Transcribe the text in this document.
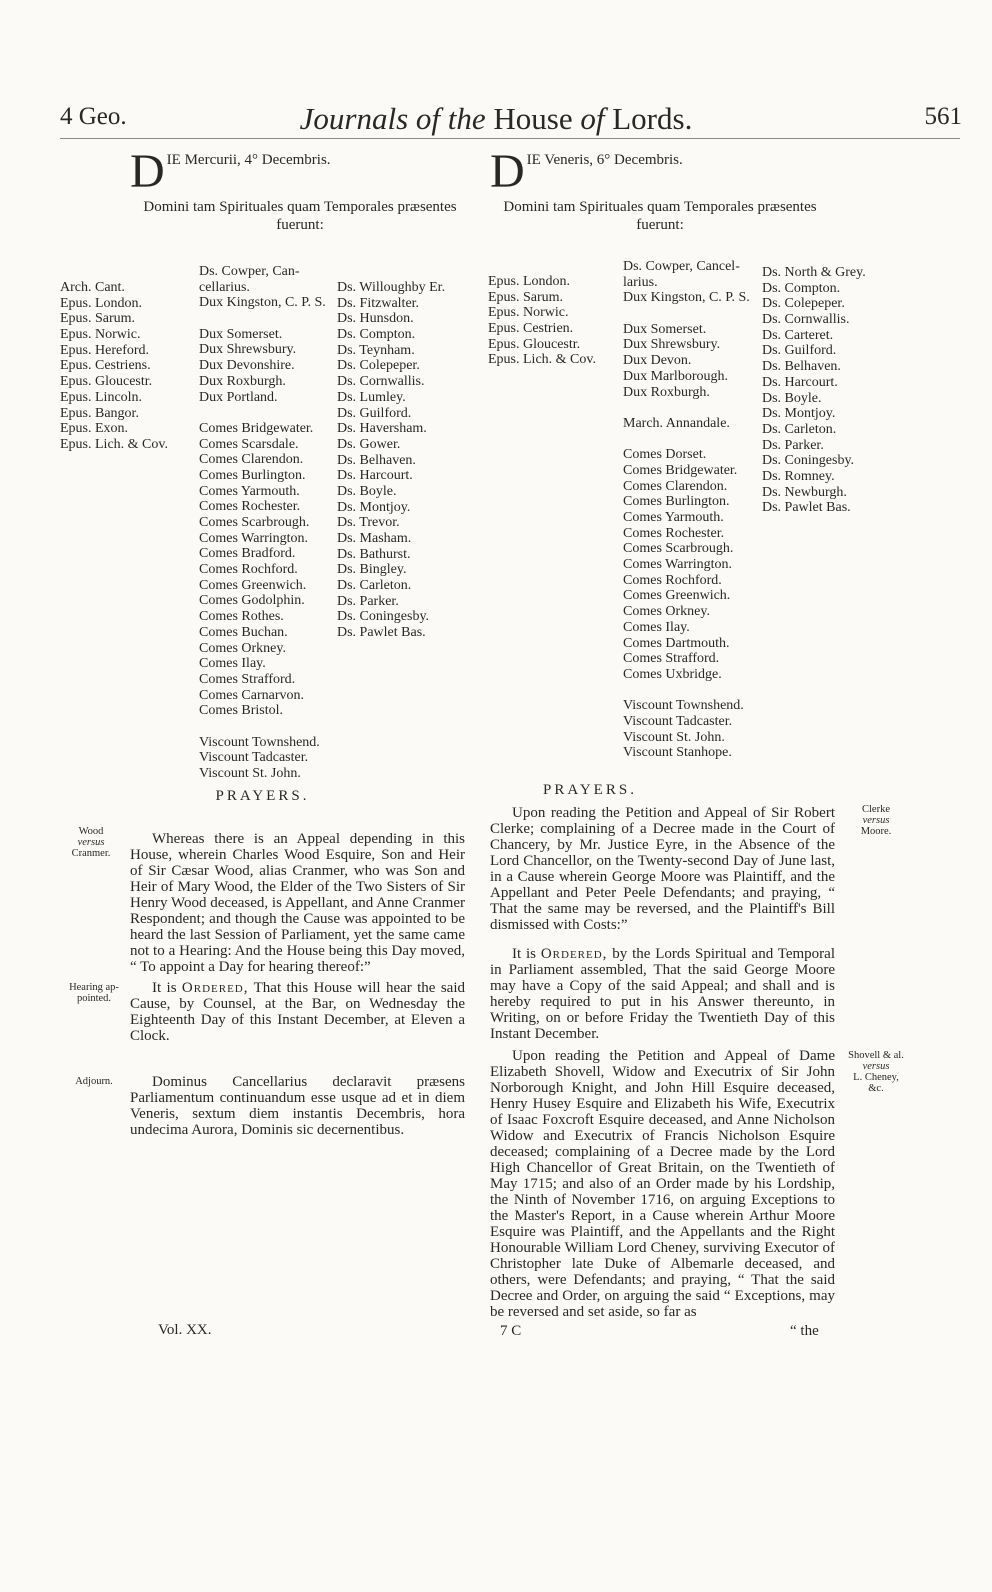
4 Geo.	Journals of the House of Lords.	561
D IE Mercurii, 4° Decembris.
Domini tam Spirituales quam Temporales præsentes fuerunt:
Arch. Cant.
Epus. London.
Epus. Sarum.
Epus. Norwic.
Epus. Hereford.
Epus. Cestriens.
Epus. Gloucestr.
Epus. Lincoln.
Epus. Bangor.
Epus. Exon.
Epus. Lich. & Cov.
Ds. Cowper, Can-
cellarius.
Dux Kingston, C. P. S.
Dux Somerset.
Dux Shrewsbury.
Dux Devonshire.
Dux Roxburgh.
Dux Portland.
Comes Bridgewater.
Comes Scarsdale.
Comes Clarendon.
Comes Burlington.
Comes Yarmouth.
Comes Rochester.
Comes Scarbrough.
Comes Warrington.
Comes Bradford.
Comes Rochford.
Comes Greenwich.
Comes Godolphin.
Comes Rothes.
Comes Buchan.
Comes Orkney.
Comes Ilay.
Comes Strafford.
Comes Carnarvon.
Comes Bristol.
Viscount Townshend.
Viscount Tadcaster.
Viscount St. John.
Ds. Willoughby Er.
Ds. Fitzwalter.
Ds. Hunsdon.
Ds. Compton.
Ds. Teynham.
Ds. Colepeper.
Ds. Cornwallis.
Ds. Lumley.
Ds. Guilford.
Ds. Haversham.
Ds. Gower.
Ds. Belhaven.
Ds. Harcourt.
Ds. Boyle.
Ds. Montjoy.
Ds. Trevor.
Ds. Masham.
Ds. Bathurst.
Ds. Bingley.
Ds. Carleton.
Ds. Parker.
Ds. Coningesby.
Ds. Pawlet Bas.
PRAYERS.
Wood
versus
Cranmer.
Whereas there is an Appeal depending in this House, wherein Charles Wood Esquire, Son and Heir of Sir Cæsar Wood, alias Cranmer, who was Son and Heir of Mary Wood, the Elder of the Two Sisters of Sir Henry Wood deceased, is Appellant, and Anne Cranmer Respondent; and though the Cause was appointed to be heard the last Session of Parliament, yet the same came not to a Hearing: And the House being this Day moved, “ To appoint a Day for hearing thereof:”
Hearing ap-
pointed.
It is Ordered, That this House will hear the said Cause, by Counsel, at the Bar, on Wednesday the Eighteenth Day of this Instant December, at Eleven a Clock.
Adjourn.	Dominus Cancellarius declaravit præsens Parliamentum continuandum esse usque ad et in diem Veneris, sextum diem instantis Decembris, hora undecima Aurora, Dominis sic decernentibus.
Vol. XX.
D IE Veneris, 6° Decembris.
Domini tam Spirituales quam Temporales præsentes fuerunt:
Epus. London.
Epus. Sarum.
Epus. Norwic.
Epus. Cestrien.
Epus. Gloucestr.
Epus. Lich. & Cov.
Ds. Cowper, Cancel-
larius.
Dux Kingston, C. P. S.
Dux Somerset.
Dux Shrewsbury.
Dux Devon.
Dux Marlborough.
Dux Roxburgh.
March. Annandale.
Comes Dorset.
Comes Bridgewater.
Comes Clarendon.
Comes Burlington.
Comes Yarmouth.
Comes Rochester.
Comes Scarbrough.
Comes Warrington.
Comes Rochford.
Comes Greenwich.
Comes Orkney.
Comes Ilay.
Comes Dartmouth.
Comes Strafford.
Comes Uxbridge.
Viscount Townshend.
Viscount Tadcaster.
Viscount St. John.
Viscount Stanhope.
Ds. North & Grey.
Ds. Compton.
Ds. Colepeper.
Ds. Cornwallis.
Ds. Carteret.
Ds. Guilford.
Ds. Belhaven.
Ds. Harcourt.
Ds. Boyle.
Ds. Montjoy.
Ds. Carleton.
Ds. Parker.
Ds. Coningesby.
Ds. Romney.
Ds. Newburgh.
Ds. Pawlet Bas.
PRAYERS.
Upon reading the Petition and Appeal of Sir Robert Clerke; complaining of a Decree made in the Court of Chancery, by Mr. Justice Eyre, in the Absence of the Lord Chancellor, on the Twenty-second Day of June last, in a Cause wherein George Moore was Plaintiff, and the Appellant and Peter Peele Defendants; and praying, “ That the same may be reversed, and the Plaintiff's Bill dismissed with Costs:”
Clerke
versus
Moore.
It is Ordered, by the Lords Spiritual and Temporal in Parliament assembled, That the said George Moore may have a Copy of the said Appeal; and shall and is hereby required to put in his Answer thereunto, in Writing, on or before Friday the Twentieth Day of this Instant December.
Upon reading the Petition and Appeal of Dame Elizabeth Shovell, Widow and Executrix of Sir John Norborough Knight, and John Hill Esquire deceased, Henry Husey Esquire and Elizabeth his Wife, Executrix of Isaac Foxcroft Esquire deceased, and Anne Nicholson Widow and Executrix of Francis Nicholson Esquire deceased; complaining of a Decree made by the Lord High Chancellor of Great Britain, on the Twentieth of May 1715; and also of an Order made by his Lordship, the Ninth of November 1716, on arguing Exceptions to the Master's Report, in a Cause wherein Arthur Moore Esquire was Plaintiff, and the Appellants and the Right Honourable William Lord Cheney, surviving Executor of Christopher late Duke of Albemarle deceased, and others, were Defendants; and praying, “ That the said Decree and Order, on arguing the said “ Exceptions, may be reversed and set aside, so far as
Shovell & al.
versus
L. Cheney,
&c.
7 C	“ the
